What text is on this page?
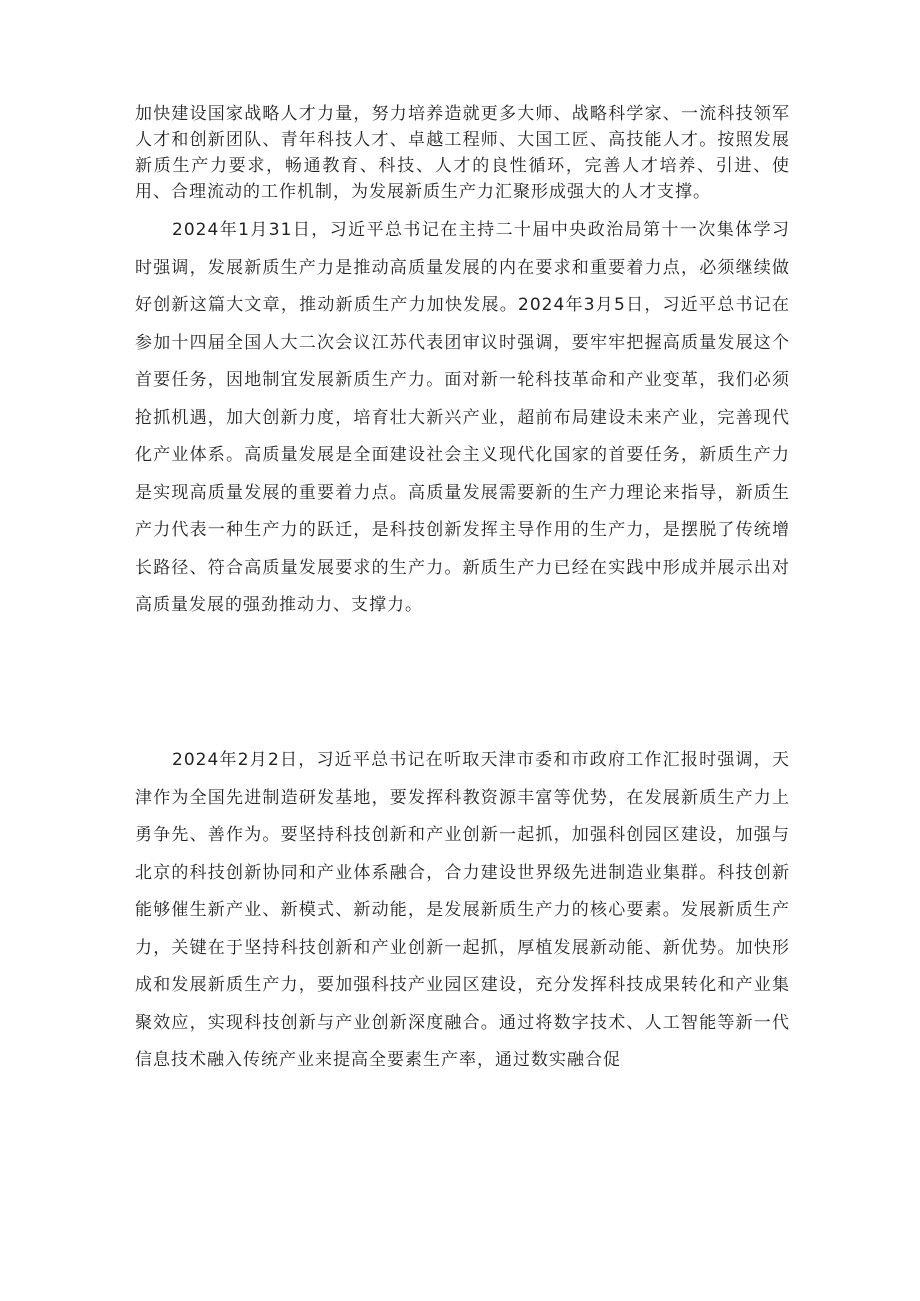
加快建设国家战略人才力量，努力培养造就更多大师、战略科学家、一流科技领军人才和创新团队、青年科技人才、卓越工程师、大国工匠、高技能人才。按照发展新质生产力要求，畅通教育、科技、人才的良性循环，完善人才培养、引进、使用、合理流动的工作机制，为发展新质生产力汇聚形成强大的人才支撑。

2024年1月31日，习近平总书记在主持二十届中央政治局第十一次集体学习时强调，发展新质生产力是推动高质量发展的内在要求和重要着力点，必须继续做好创新这篇大文章，推动新质生产力加快发展。2024年3月5日，习近平总书记在参加十四届全国人大二次会议江苏代表团审议时强调，要牢牢把握高质量发展这个首要任务，因地制宜发展新质生产力。面对新一轮科技革命和产业变革，我们必须抢抓机遇，加大创新力度，培育壮大新兴产业，超前布局建设未来产业，完善现代化产业体系。高质量发展是全面建设社会主义现代化国家的首要任务，新质生产力是实现高质量发展的重要着力点。高质量发展需要新的生产力理论来指导，新质生产力代表一种生产力的跃迁，是科技创新发挥主导作用的生产力，是摆脱了传统增长路径、符合高质量发展要求的生产力。新质生产力已经在实践中形成并展示出对高质量发展的强劲推动力、支撑力。

2024年2月2日，习近平总书记在听取天津市委和市政府工作汇报时强调，天津作为全国先进制造研发基地，要发挥科教资源丰富等优势，在发展新质生产力上勇争先、善作为。要坚持科技创新和产业创新一起抓，加强科创园区建设，加强与北京的科技创新协同和产业体系融合，合力建设世界级先进制造业集群。科技创新能够催生新产业、新模式、新动能，是发展新质生产力的核心要素。发展新质生产力，关键在于坚持科技创新和产业创新一起抓，厚植发展新动能、新优势。加快形成和发展新质生产力，要加强科技产业园区建设，充分发挥科技成果转化和产业集聚效应，实现科技创新与产业创新深度融合。通过将数字技术、人工智能等新一代信息技术融入传统产业来提高全要素生产率，通过数实融合促
